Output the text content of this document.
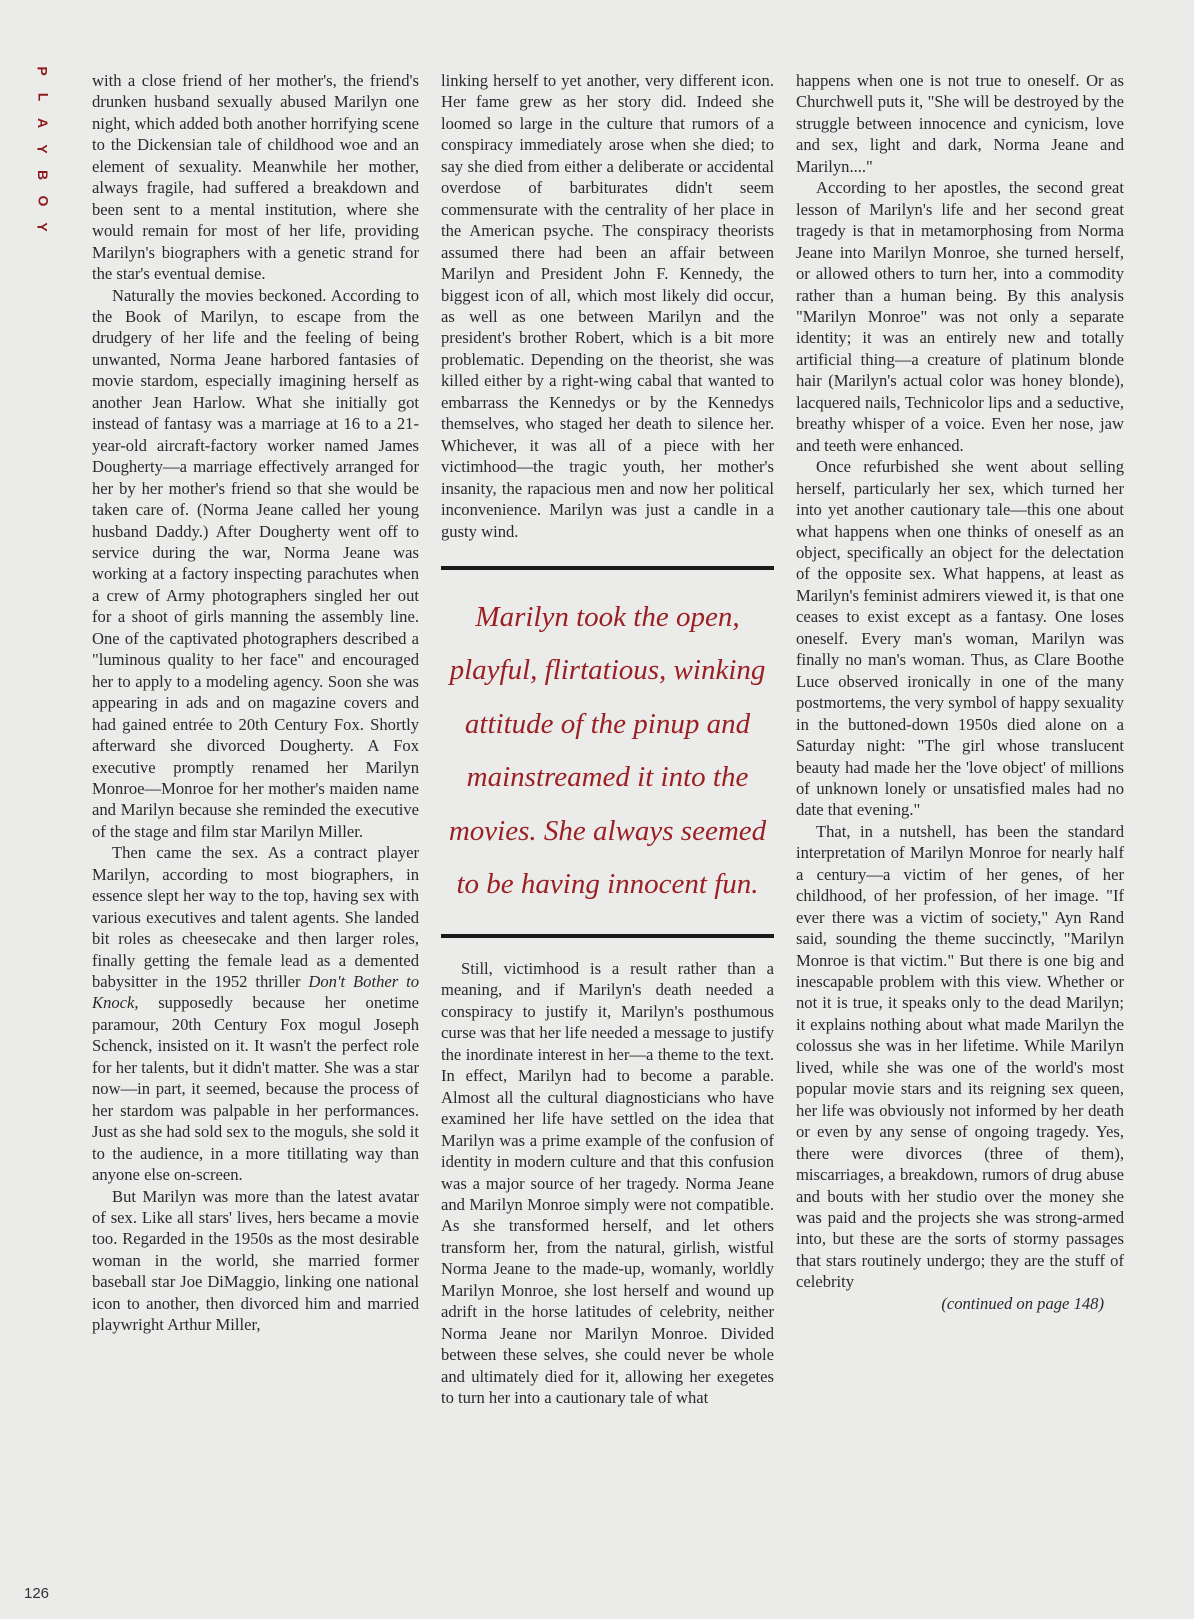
P
L
A
Y
B
O
Y

with a close friend of her mother's, the friend's drunken husband sexually abused Marilyn one night, which added both another horrifying scene to the Dickensian tale of childhood woe and an element of sexuality. Meanwhile her mother, always fragile, had suffered a breakdown and been sent to a mental institution, where she would remain for most of her life, providing Marilyn's biographers with a genetic strand for the star's eventual demise.

Naturally the movies beckoned. According to the Book of Marilyn, to escape from the drudgery of her life and the feeling of being unwanted, Norma Jeane harbored fantasies of movie stardom, especially imagining herself as another Jean Harlow. What she initially got instead of fantasy was a marriage at 16 to a 21-year-old aircraft-factory worker named James Dougherty—a marriage effectively arranged for her by her mother's friend so that she would be taken care of. (Norma Jeane called her young husband Daddy.) After Dougherty went off to service during the war, Norma Jeane was working at a factory inspecting parachutes when a crew of Army photographers singled her out for a shoot of girls manning the assembly line. One of the captivated photographers described a "luminous quality to her face" and encouraged her to apply to a modeling agency. Soon she was appearing in ads and on magazine covers and had gained entrée to 20th Century Fox. Shortly afterward she divorced Dougherty. A Fox executive promptly renamed her Marilyn Monroe—Monroe for her mother's maiden name and Marilyn because she reminded the executive of the stage and film star Marilyn Miller.

Then came the sex. As a contract player Marilyn, according to most biographers, in essence slept her way to the top, having sex with various executives and talent agents. She landed bit roles as cheesecake and then larger roles, finally getting the female lead as a demented babysitter in the 1952 thriller Don't Bother to Knock, supposedly because her onetime paramour, 20th Century Fox mogul Joseph Schenck, insisted on it. It wasn't the perfect role for her talents, but it didn't matter. She was a star now—in part, it seemed, because the process of her stardom was palpable in her performances. Just as she had sold sex to the moguls, she sold it to the audience, in a more titillating way than anyone else on-screen.

But Marilyn was more than the latest avatar of sex. Like all stars' lives, hers became a movie too. Regarded in the 1950s as the most desirable woman in the world, she married former baseball star Joe DiMaggio, linking one national icon to another, then divorced him and married playwright Arthur Miller,

linking herself to yet another, very different icon. Her fame grew as her story did. Indeed she loomed so large in the culture that rumors of a conspiracy immediately arose when she died; to say she died from either a deliberate or accidental overdose of barbiturates didn't seem commensurate with the centrality of her place in the American psyche. The conspiracy theorists assumed there had been an affair between Marilyn and President John F. Kennedy, the biggest icon of all, which most likely did occur, as well as one between Marilyn and the president's brother Robert, which is a bit more problematic. Depending on the theorist, she was killed either by a right-wing cabal that wanted to embarrass the Kennedys or by the Kennedys themselves, who staged her death to silence her. Whichever, it was all of a piece with her victimhood—the tragic youth, her mother's insanity, the rapacious men and now her political inconvenience. Marilyn was just a candle in a gusty wind.

Marilyn took the open, playful, flirtatious, winking attitude of the pinup and mainstreamed it into the movies. She always seemed to be having innocent fun.

Still, victimhood is a result rather than a meaning, and if Marilyn's death needed a conspiracy to justify it, Marilyn's posthumous curse was that her life needed a message to justify the inordinate interest in her—a theme to the text. In effect, Marilyn had to become a parable. Almost all the cultural diagnosticians who have examined her life have settled on the idea that Marilyn was a prime example of the confusion of identity in modern culture and that this confusion was a major source of her tragedy. Norma Jeane and Marilyn Monroe simply were not compatible. As she transformed herself, and let others transform her, from the natural, girlish, wistful Norma Jeane to the made-up, womanly, worldly Marilyn Monroe, she lost herself and wound up adrift in the horse latitudes of celebrity, neither Norma Jeane nor Marilyn Monroe. Divided between these selves, she could never be whole and ultimately died for it, allowing her exegetes to turn her into a cautionary tale of what

happens when one is not true to oneself. Or as Churchwell puts it, "She will be destroyed by the struggle between innocence and cynicism, love and sex, light and dark, Norma Jeane and Marilyn...."

According to her apostles, the second great lesson of Marilyn's life and her second great tragedy is that in metamorphosing from Norma Jeane into Marilyn Monroe, she turned herself, or allowed others to turn her, into a commodity rather than a human being. By this analysis "Marilyn Monroe" was not only a separate identity; it was an entirely new and totally artificial thing—a creature of platinum blonde hair (Marilyn's actual color was honey blonde), lacquered nails, Technicolor lips and a seductive, breathy whisper of a voice. Even her nose, jaw and teeth were enhanced.

Once refurbished she went about selling herself, particularly her sex, which turned her into yet another cautionary tale—this one about what happens when one thinks of oneself as an object, specifically an object for the delectation of the opposite sex. What happens, at least as Marilyn's feminist admirers viewed it, is that one ceases to exist except as a fantasy. One loses oneself. Every man's woman, Marilyn was finally no man's woman. Thus, as Clare Boothe Luce observed ironically in one of the many postmortems, the very symbol of happy sexuality in the buttoned-down 1950s died alone on a Saturday night: "The girl whose translucent beauty had made her the 'love object' of millions of unknown lonely or unsatisfied males had no date that evening."

That, in a nutshell, has been the standard interpretation of Marilyn Monroe for nearly half a century—a victim of her genes, of her childhood, of her profession, of her image. "If ever there was a victim of society," Ayn Rand said, sounding the theme succinctly, "Marilyn Monroe is that victim." But there is one big and inescapable problem with this view. Whether or not it is true, it speaks only to the dead Marilyn; it explains nothing about what made Marilyn the colossus she was in her lifetime. While Marilyn lived, while she was one of the world's most popular movie stars and its reigning sex queen, her life was obviously not informed by her death or even by any sense of ongoing tragedy. Yes, there were divorces (three of them), miscarriages, a breakdown, rumors of drug abuse and bouts with her studio over the money she was paid and the projects she was strong-armed into, but these are the sorts of stormy passages that stars routinely undergo; they are the stuff of celebrity

(continued on page 148)

126
